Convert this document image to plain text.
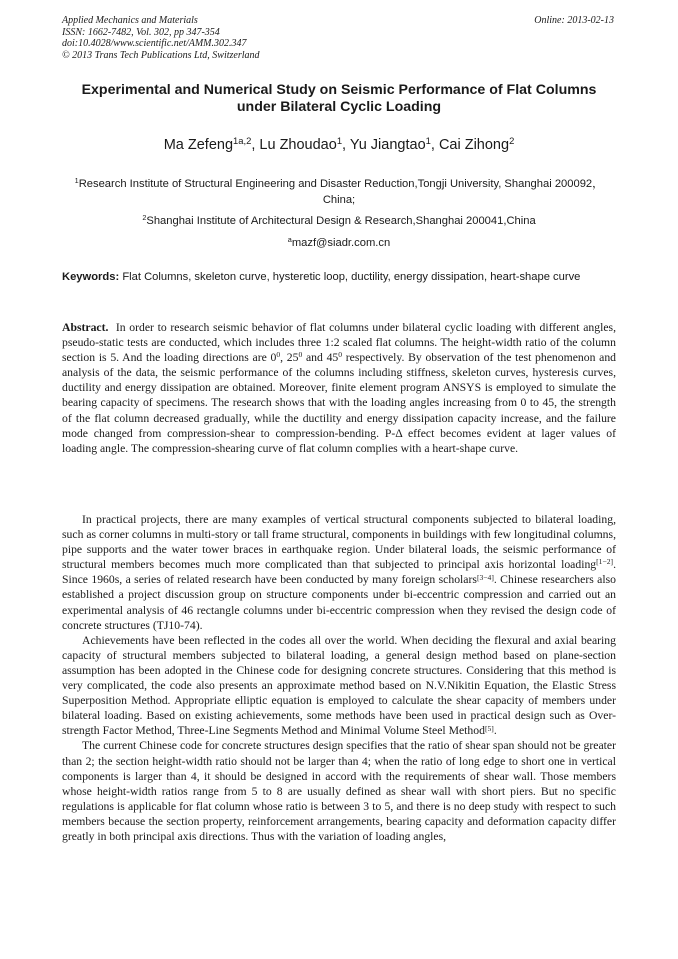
Applied Mechanics and Materials
ISSN: 1662-7482, Vol. 302, pp 347-354
doi:10.4028/www.scientific.net/AMM.302.347
© 2013 Trans Tech Publications Ltd, Switzerland
Online: 2013-02-13
Experimental and Numerical Study on Seismic Performance of Flat Columns under Bilateral Cyclic Loading
Ma Zefeng$^{1a,2}$, Lu Zhoudao$^1$, Yu Jiangtao$^1$, Cai Zihong$^2$
$^1$Research Institute of Structural Engineering and Disaster Reduction,Tongji University, Shanghai 200092，China;
$^2$Shanghai Institute of Architectural Design & Research,Shanghai 200041,China
$^a$mazf@siadr.com.cn
Keywords: Flat Columns, skeleton curve, hysteretic loop, ductility, energy dissipation, heart-shape curve

Abstract. In order to research seismic behavior of flat columns under bilateral cyclic loading with different angles, pseudo-static tests are conducted, which includes three 1:2 scaled flat columns. The height-width ratio of the column section is 5. And the loading directions are $0^0$, $25^0$ and $45^0$ respectively. By observation of the test phenomenon and analysis of the data, the seismic performance of the columns including stiffness, skeleton curves, hysteresis curves, ductility and energy dissipation are obtained. Moreover, finite element program ANSYS is employed to simulate the bearing capacity of specimens. The research shows that with the loading angles increasing from 0 to 45, the strength of the flat column decreased gradually, while the ductility and energy dissipation capacity increase, and the failure mode changed from compression-shear to compression-bending. P-Δ effect becomes evident at lager values of loading angle. The compression-shearing curve of flat column complies with a heart-shape curve.

In practical projects, there are many examples of vertical structural components subjected to bilateral loading, such as corner columns in multi-story or tall frame structural, components in buildings with few longitudinal columns, pipe supports and the water tower braces in earthquake region. Under bilateral loads, the seismic performance of structural members becomes much more complicated than that subjected to principal axis horizontal loading[1−2]. Since 1960s, a series of related research have been conducted by many foreign scholars[3−4]. Chinese researchers also established a project discussion group on structure components under bi-eccentric compression and carried out an experimental analysis of 46 rectangle columns under bi-eccentric compression when they revised the design code of concrete structures (TJ10-74).

Achievements have been reflected in the codes all over the world. When deciding the flexural and axial bearing capacity of structural members subjected to bilateral loading, a general design method based on plane-section assumption has been adopted in the Chinese code for designing concrete structures. Considering that this method is very complicated, the code also presents an approximate method based on N.V.Nikitin Equation, the Elastic Stress Superposition Method. Appropriate elliptic equation is employed to calculate the shear capacity of members under bilateral loading. Based on existing achievements, some methods have been used in practical design such as Over-strength Factor Method, Three-Line Segments Method and Minimal Volume Steel Method[5].

The current Chinese code for concrete structures design specifies that the ratio of shear span should not be greater than 2; the section height-width ratio should not be larger than 4; when the ratio of long edge to short one in vertical components is larger than 4, it should be designed in accord with the requirements of shear wall. Those members whose height-width ratios range from 5 to 8 are usually defined as shear wall with short piers. But no specific regulations is applicable for flat column whose ratio is between 3 to 5, and there is no deep study with respect to such members because the section property, reinforcement arrangements, bearing capacity and deformation capacity differ greatly in both principal axis directions. Thus with the variation of loading angles,
